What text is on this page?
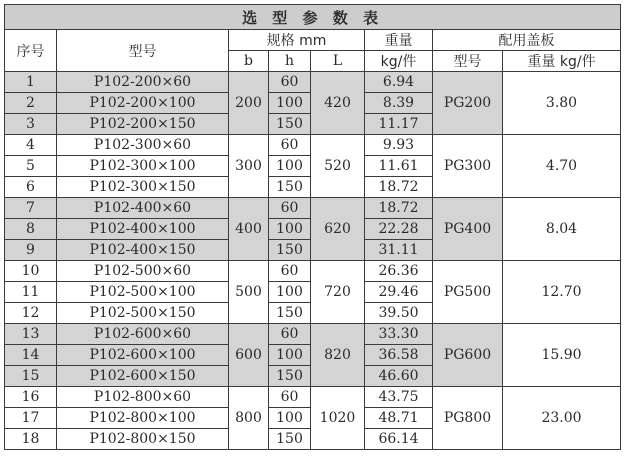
选 型 参 数 表							
序号	型号	规格 mm			重量	配用盖板	
		b	h	L	kg/件	型号	重量 kg/件
1	P102-200×60	200	60	420	6.94	PG200	3.80
2	P102-200×100		100		8.39		
3	P102-200×150		150		11.17		
4	P102-300×60	300	60	520	9.93	PG300	4.70
5	P102-300×100		100		11.61		
6	P102-300×150		150		18.72		
7	P102-400×60	400	60	620	18.72	PG400	8.04
8	P102-400×100		100		22.28		
9	P102-400×150		150		31.11		
10	P102-500×60	500	60	720	26.36	PG500	12.70
11	P102-500×100		100		29.46		
12	P102-500×150		150		39.50		
13	P102-600×60	600	60	820	33.30	PG600	15.90
14	P102-600×100		100		36.58		
15	P102-600×150		150		46.60		
16	P102-800×60	800	60	1020	43.75	PG800	23.00
17	P102-800×100		100		48.71		
18	P102-800×150		150		66.14		
